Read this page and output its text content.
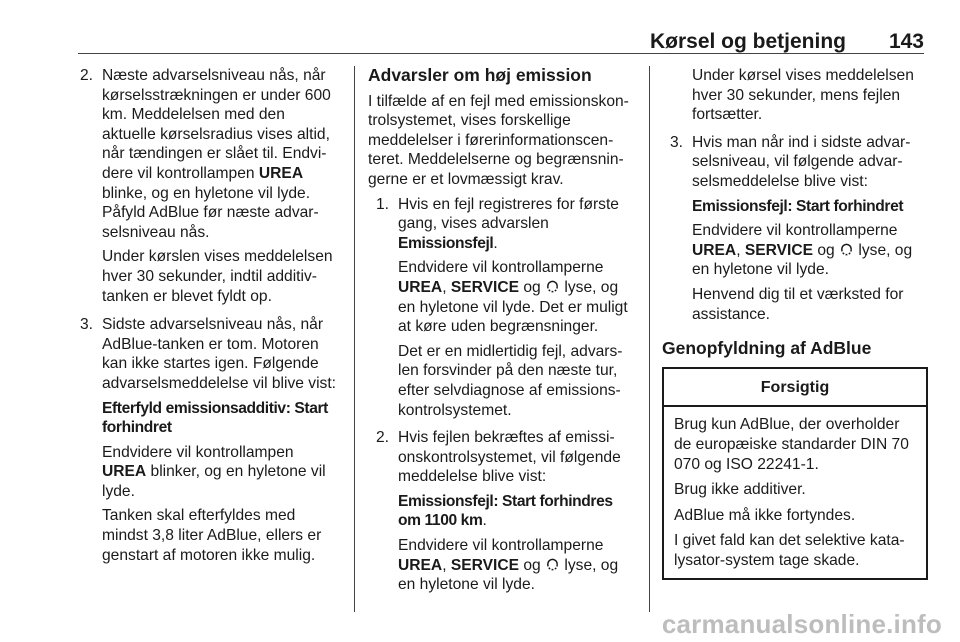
Kørsel og betjening 143
2. Næste advarselsniveau nås, når kørselsstrækningen er under 600 km. Meddelelsen med den aktuelle kørselsradius vises altid, når tændingen er slået til. Endvi-dere vil kontrollampen UREA blinke, og en hyletone vil lyde. Påfyld AdBlue før næste advar-selsniveau nås.

Under kørslen vises meddelelsen hver 30 sekunder, indtil additiv-tanken er blevet fyldt op.

3. Sidste advarselsniveau nås, når AdBlue-tanken er tom. Motoren kan ikke startes igen. Følgende advarselsmeddelelse vil blive vist:

Efterfyld emissionsadditiv: Start forhindret

Endvidere vil kontrollampen UREA blinker, og en hyletone vil lyde.

Tanken skal efterfyldes med mindst 3,8 liter AdBlue, ellers er genstart af motoren ikke mulig.

Advarsler om høj emission

I tilfælde af en fejl med emissionskon-trolsystemet, vises forskellige meddelelser i førerinformationscen-teret. Meddelelserne og begrænsnin-gerne er et lovmæssigt krav.

1. Hvis en fejl registreres for første gang, vises advarslen
Emissionsfejl.

Endvidere vil kontrollamperne UREA, SERVICE og  lyse, og en hyletone vil lyde. Det er muligt at køre uden begrænsninger.

Det er en midlertidig fejl, advars-len forsvinder på den næste tur, efter selvdiagnose af emissions-kontrolsystemet.

2. Hvis fejlen bekræftes af emissi-onskontrolsystemet, vil følgende meddelelse blive vist:

Emissionsfejl: Start forhindres om 1100 km.

Endvidere vil kontrollamperne UREA, SERVICE og  lyse, og en hyletone vil lyde.

Under kørsel vises meddelelsen hver 30 sekunder, mens fejlen fortsætter.

3. Hvis man når ind i sidste advar-selsniveau, vil følgende advar-selsmeddelelse blive vist:

Emissionsfejl: Start forhindret

Endvidere vil kontrollamperne UREA, SERVICE og  lyse, og en hyletone vil lyde.

Henvend dig til et værksted for assistance.

Genopfyldning af AdBlue
Forsigtig

Brug kun AdBlue, der overholder de europæiske standarder DIN 70 070 og ISO 22241-1.

Brug ikke additiver.

AdBlue må ikke fortyndes.

I givet fald kan det selektive kata-lysator-system tage skade.

carmanualsonline.info
